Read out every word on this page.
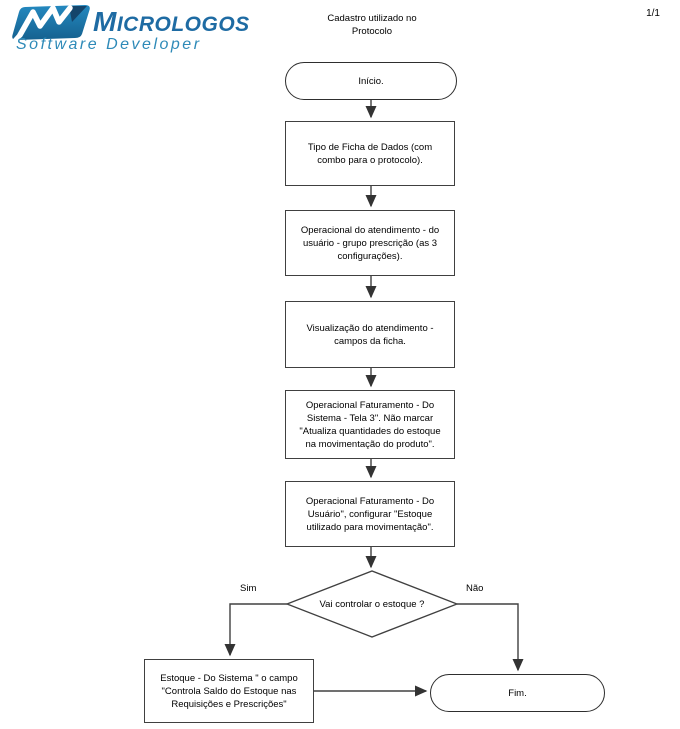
MICROLOGOS
Software Developer
Cadastro utilizado no
Protocolo
1/1
Início.
Tipo de Ficha de Dados (com combo para o protocolo).
Operacional do atendimento - do usuário - grupo prescrição (as 3 configurações).
Visualização do atendimento - campos da ficha.
Operacional Faturamento - Do Sistema - Tela 3". Não marcar "Atualiza quantidades do estoque na movimentação do produto".
Operacional Faturamento - Do Usuário", configurar "Estoque utilizado para movimentação".
Vai controlar o estoque ?
Sim	Não
Estoque - Do Sistema " o campo "Controla Saldo do Estoque nas Requisições e Prescrições"
Fim.
